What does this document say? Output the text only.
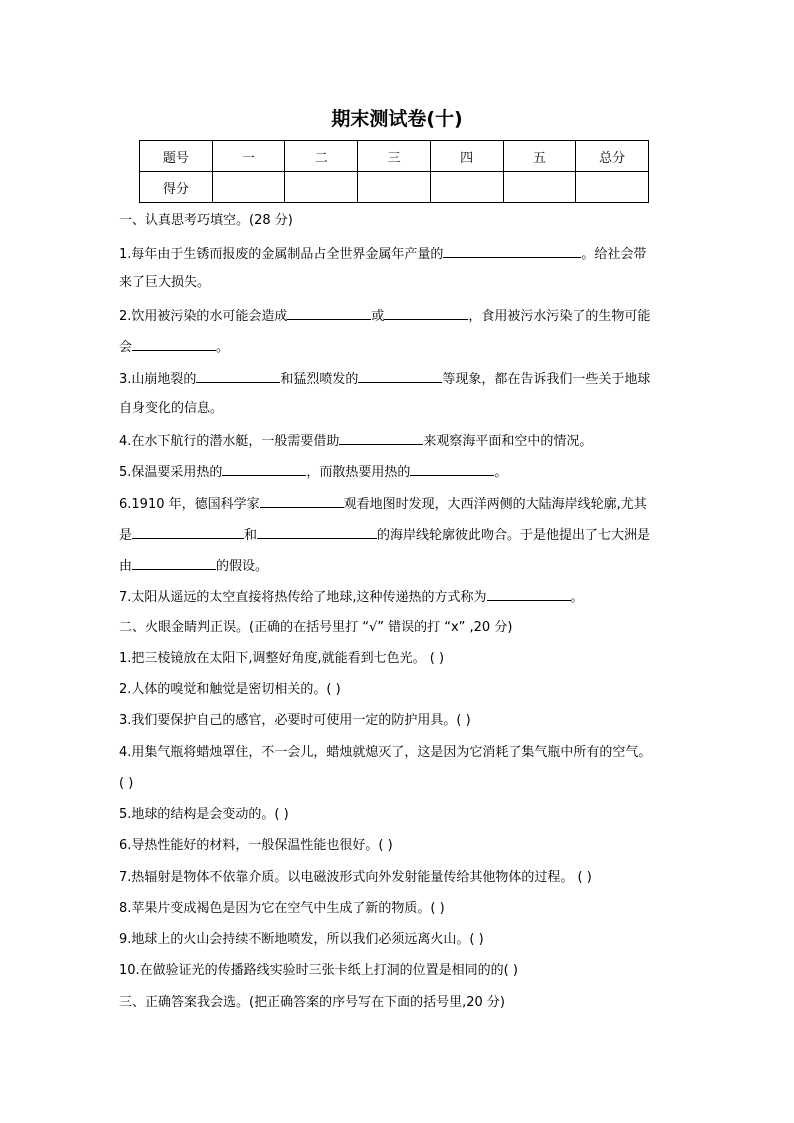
期末测试卷(十)
题号	一	二	三	四	五	总分
得分						
一、认真思考巧填空。(28 分)
1.每年由于生锈而报废的金属制品占全世界金属年产量的	。给社会带
来了巨大损失。
2.饮用被污染的水可能会造成	或	，食用被污水污染了的生物可能
会	。
3.山崩地裂的	和猛烈喷发的	等现象，都在告诉我们一些关于地球
自身变化的信息。
4.在水下航行的潜水艇，一般需要借助	来观察海平面和空中的情况。
5.保温要采用热的	，而散热要用热的	。
6.1910 年，德国科学家	观看地图时发现，大西洋两侧的大陆海岸线轮廓,尤其
是	和	的海岸线轮廓彼此吻合。于是他提出了七大洲是
由	的假设。
7.太阳从遥远的太空直接将热传给了地球,这种传递热的方式称为	。
二、火眼金睛判正误。(正确的在括号里打 “√” 错误的打 “x” ,20 分)
1.把三棱镜放在太阳下,调整好角度,就能看到七色光。 ( )
2.人体的嗅觉和触觉是密切相关的。( )
3.我们要保护自己的感官，必要时可使用一定的防护用具。( )
4.用集气瓶将蜡烛罩住，不一会儿，蜡烛就熄灭了，这是因为它消耗了集气瓶中所有的空气。
( )
5.地球的结构是会变动的。( )
6.导热性能好的材料，一般保温性能也很好。( )
7.热辐射是物体不依靠介质。以电磁波形式向外发射能量传给其他物体的过程。 ( )
8.苹果片变成褐色是因为它在空气中生成了新的物质。( )
9.地球上的火山会持续不断地喷发，所以我们必须远离火山。( )
10.在做验证光的传播路线实验时三张卡纸上打洞的位置是相同的的( )
三、正确答案我会选。(把正确答案的序号写在下面的括号里,20 分)
